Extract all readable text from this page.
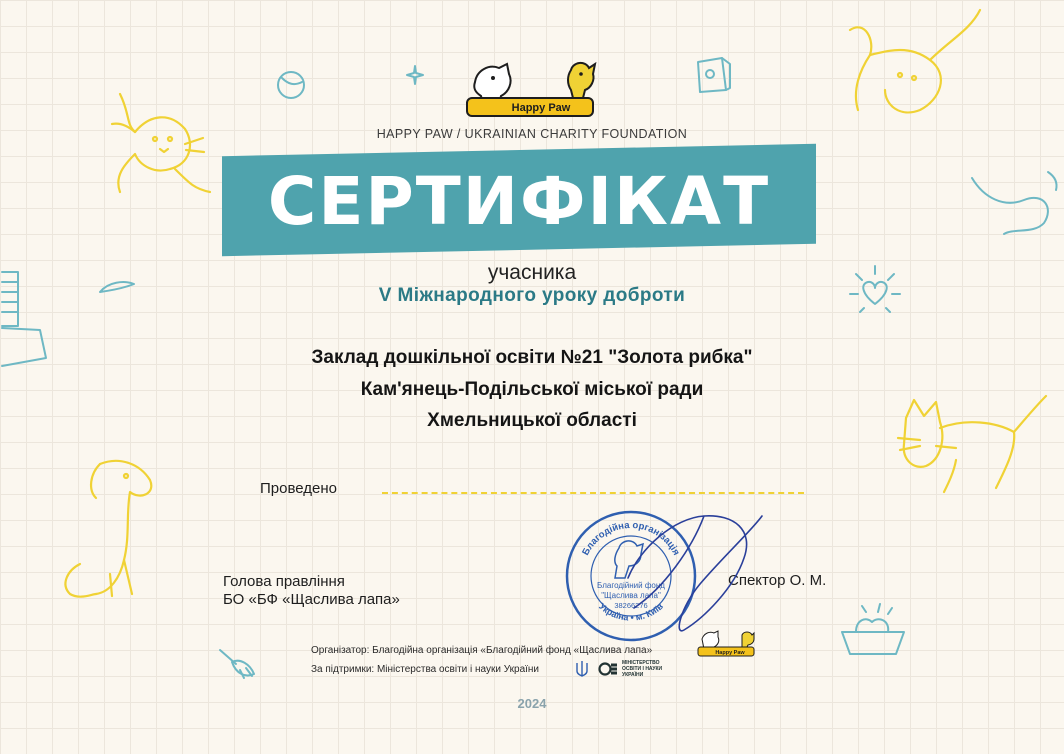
Happy Paw
HAPPY PAW / UKRAINIAN CHARITY FOUNDATION
СЕРТИФІКАТ
учасника
V Міжнародного уроку доброти
Заклад дошкільної освіти №21 "Золота рибка"
Кам'янець-Подільської міської ради
Хмельницької області
Проведено
Голова правління
БО «БФ «Щаслива лапа»
Спектор О. М.
Благодійна організація
Україна • м. Київ
Благодійний фонд
"Щаслива лапа"
38266276
Організатор: Благодійна організація «Благодійний фонд «Щаслива лапа»	Happy Paw
За підтримки: Міністерства освіти і науки України
МІНІСТЕРСТВО ОСВІТИ І НАУКИ УКРАЇНИ
2024
